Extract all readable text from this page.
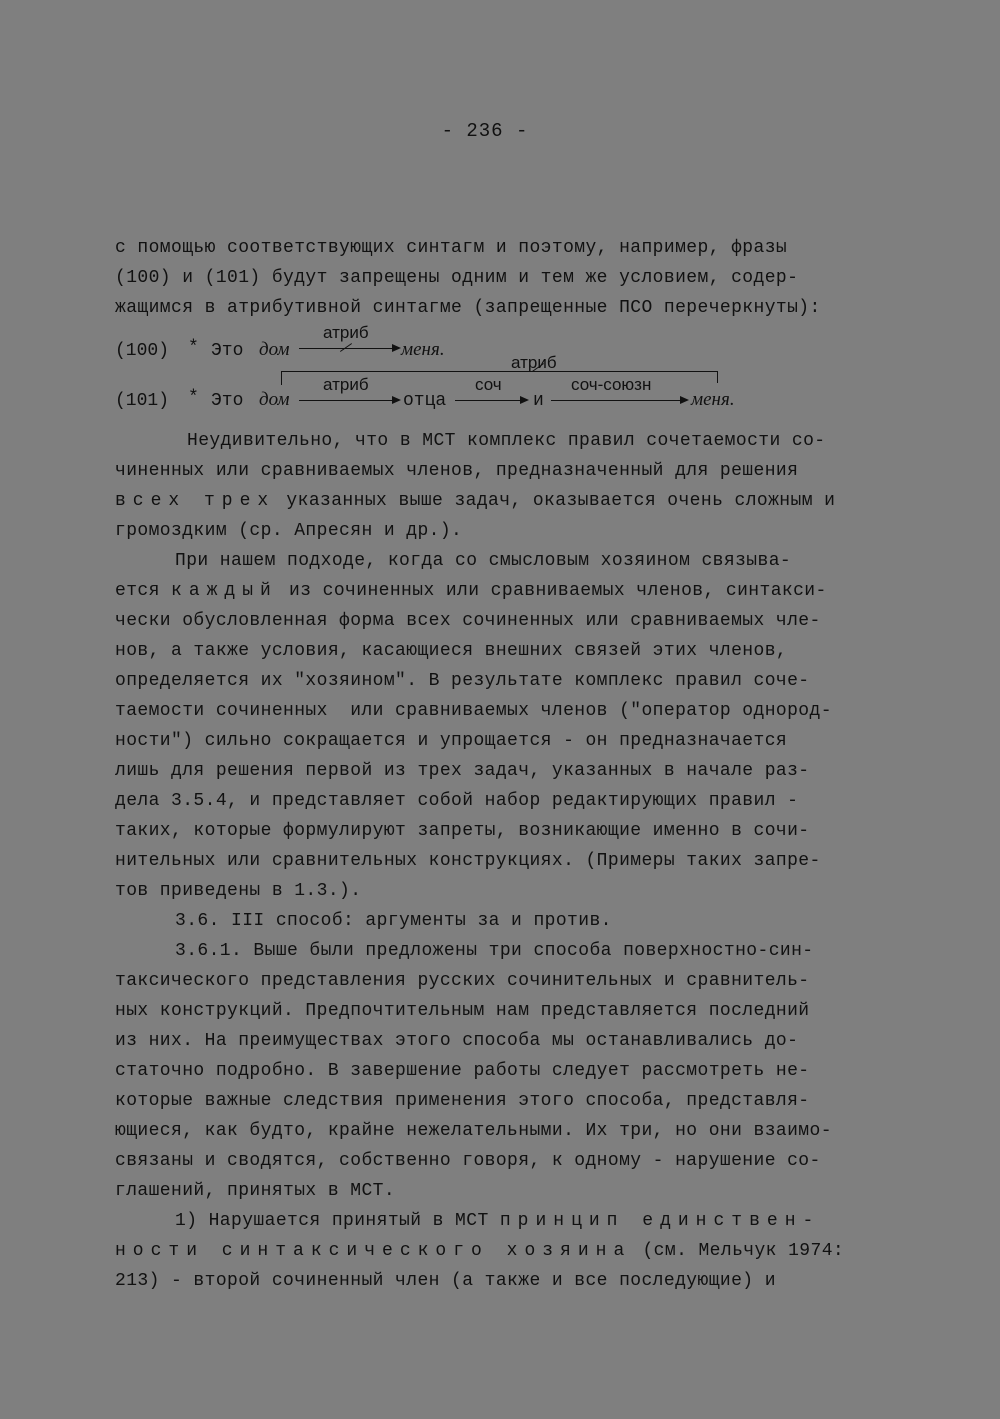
- 236 -
с помощью соответствующих синтагм и поэтому, например, фразы
(100) и (101) будут запрещены одним и тем же условием, содер-
жащимся в атрибутивной синтагме (запрещенные ПСО перечеркнуты):

(100)

*

Это

дом

атриб

меня.

атриб

(101)

*

Это

дом

атриб

отца

соч

и

соч-союзн

меня.

Неудивительно, что в МСТ комплекс правил сочетаемости со-
чиненных или сравниваемых членов, предназначенный для решения
всех трех указанных выше задач, оказывается очень сложным и
громоздким (ср. Апресян и др.).
При нашем подходе, когда со смысловым хозяином связыва-
ется каждый из сочиненных или сравниваемых членов, синтакси-
чески обусловленная форма всех сочиненных или сравниваемых чле-
нов, а также условия, касающиеся внешних связей этих членов,
определяется их "хозяином". В результате комплекс правил соче-
таемости сочиненных  или сравниваемых членов ("оператор однород-
ности") сильно сокращается и упрощается - он предназначается
лишь для решения первой из трех задач, указанных в начале раз-
дела 3.5.4, и представляет собой набор редактирующих правил -
таких, которые формулируют запреты, возникающие именно в сочи-
нительных или сравнительных конструкциях. (Примеры таких запре-
тов приведены в 1.3.).
3.6. III способ: аргументы за и против.
3.6.1. Выше были предложены три способа поверхностно-син-
таксического представления русских сочинительных и сравнитель-
ных конструкций. Предпочтительным нам представляется последний
из них. На преимуществах этого способа мы останавливались до-
статочно подробно. В завершение работы следует рассмотреть не-
которые важные следствия применения этого способа, представля-
ющиеся, как будто, крайне нежелательными. Их три, но они взаимо-
связаны и сводятся, собственно говоря, к одному - нарушение со-
глашений, принятых в МСТ.
1) Нарушается принятый в МСТ принцип единствен-
ности синтаксического хозяина (см. Мельчук 1974:
213) - второй сочиненный член (а также и все последующие) и
